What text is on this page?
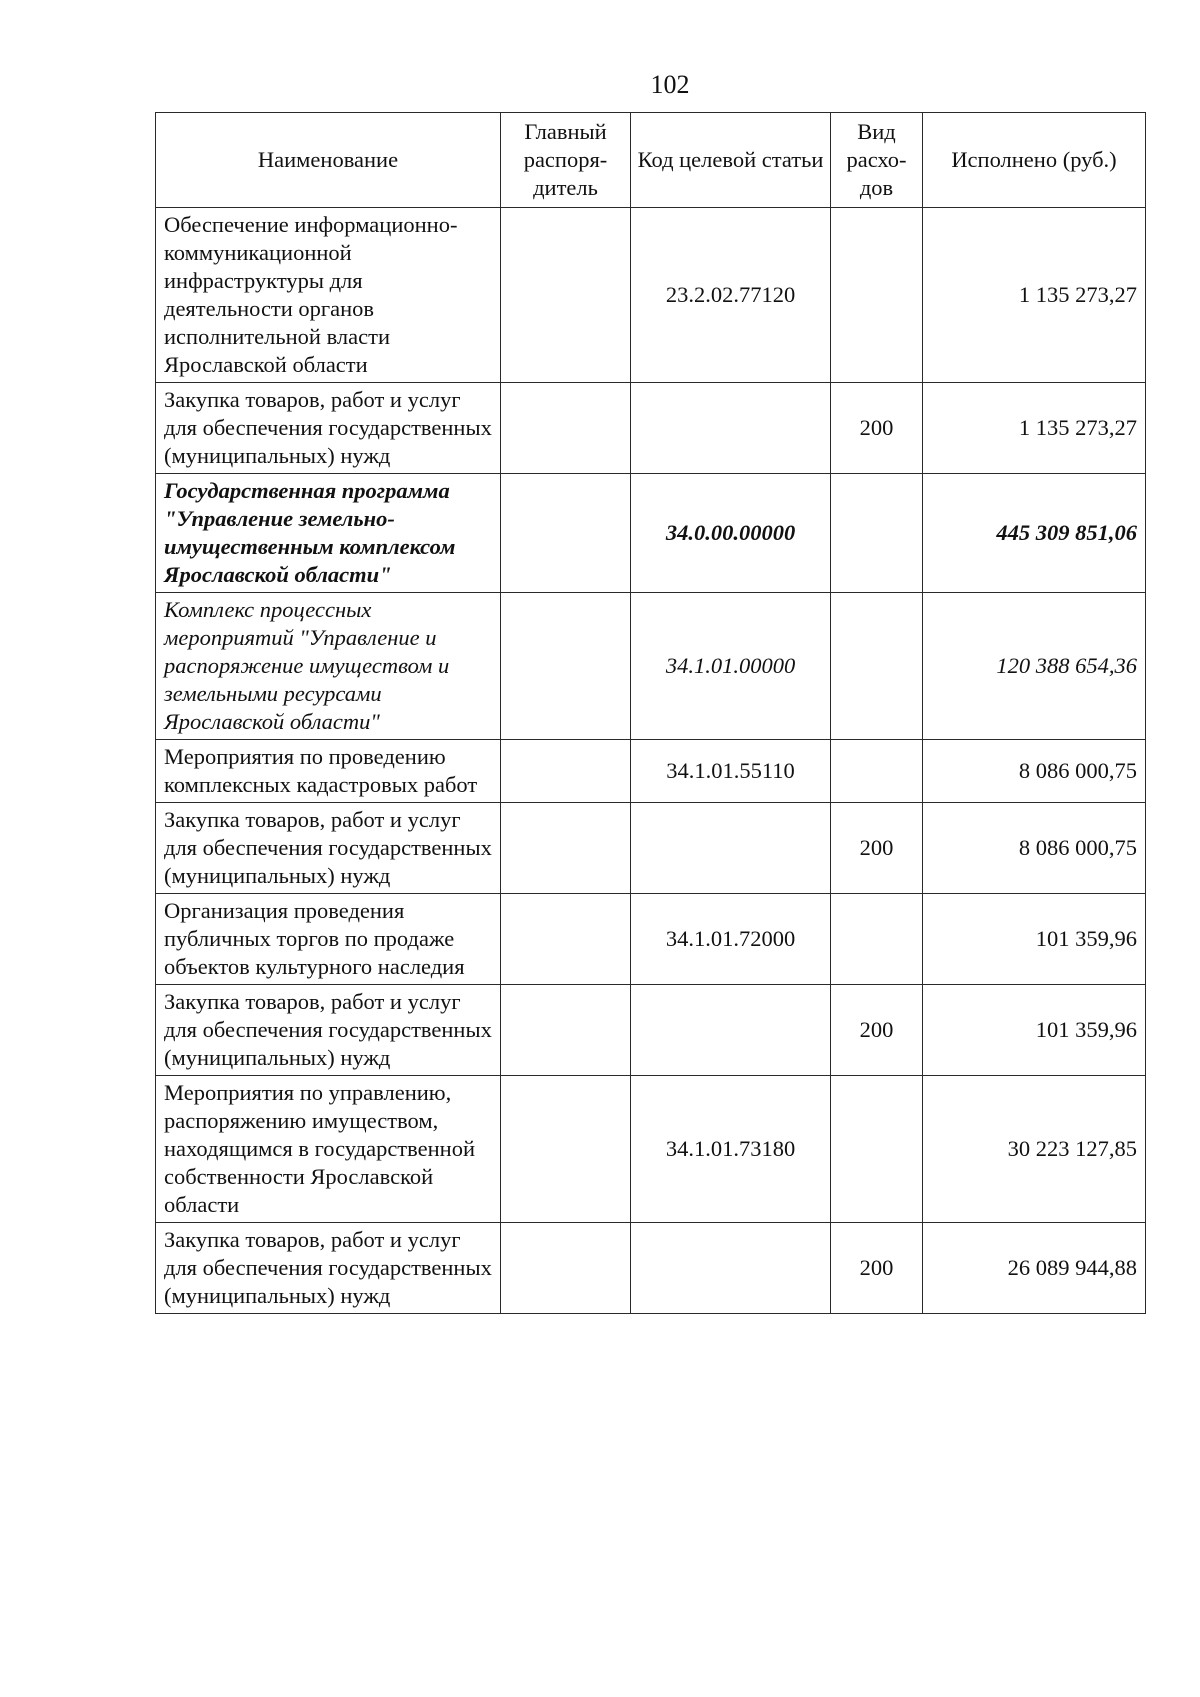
102
Наименование	Главный распоря-дитель	Код целевой статьи	Вид расхо-дов	Исполнено (руб.)
Обеспечение информационно-коммуникационной инфраструктуры для деятельности органов исполнительной власти Ярославской области		23.2.02.77120		1 135 273,27
Закупка товаров, работ и услуг для обеспечения государственных (муниципальных) нужд			200	1 135 273,27
Государственная программа "Управление земельно-имущественным комплексом Ярославской области"		34.0.00.00000		445 309 851,06
Комплекс процессных мероприятий "Управление и распоряжение имуществом и земельными ресурсами Ярославской области"		34.1.01.00000		120 388 654,36
Мероприятия по проведению комплексных кадастровых работ		34.1.01.55110		8 086 000,75
Закупка товаров, работ и услуг для обеспечения государственных (муниципальных) нужд			200	8 086 000,75
Организация проведения публичных торгов по продаже объектов культурного наследия		34.1.01.72000		101 359,96
Закупка товаров, работ и услуг для обеспечения государственных (муниципальных) нужд			200	101 359,96
Мероприятия по управлению, распоряжению имуществом, находящимся в государственной собственности Ярославской области		34.1.01.73180		30 223 127,85
Закупка товаров, работ и услуг для обеспечения государственных (муниципальных) нужд			200	26 089 944,88
